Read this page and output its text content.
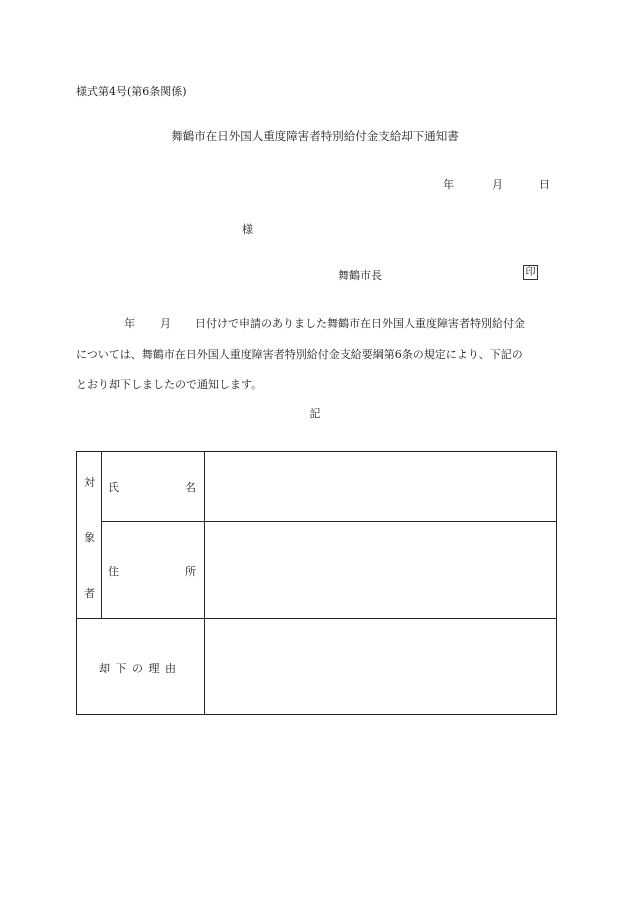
様式第4号(第6条関係)
舞鶴市在日外国人重度障害者特別給付金支給却下通知書
年	月	日
様
舞鶴市長	印
年 月 日付けで申請のありました舞鶴市在日外国人重度障害者特別給付金
については、舞鶴市在日外国人重度障害者特別給付金支給要綱第6条の規定により、下記の
とおり却下しましたので通知します。
記
対
象
者
氏	名
住	所
却 下 の 理 由
